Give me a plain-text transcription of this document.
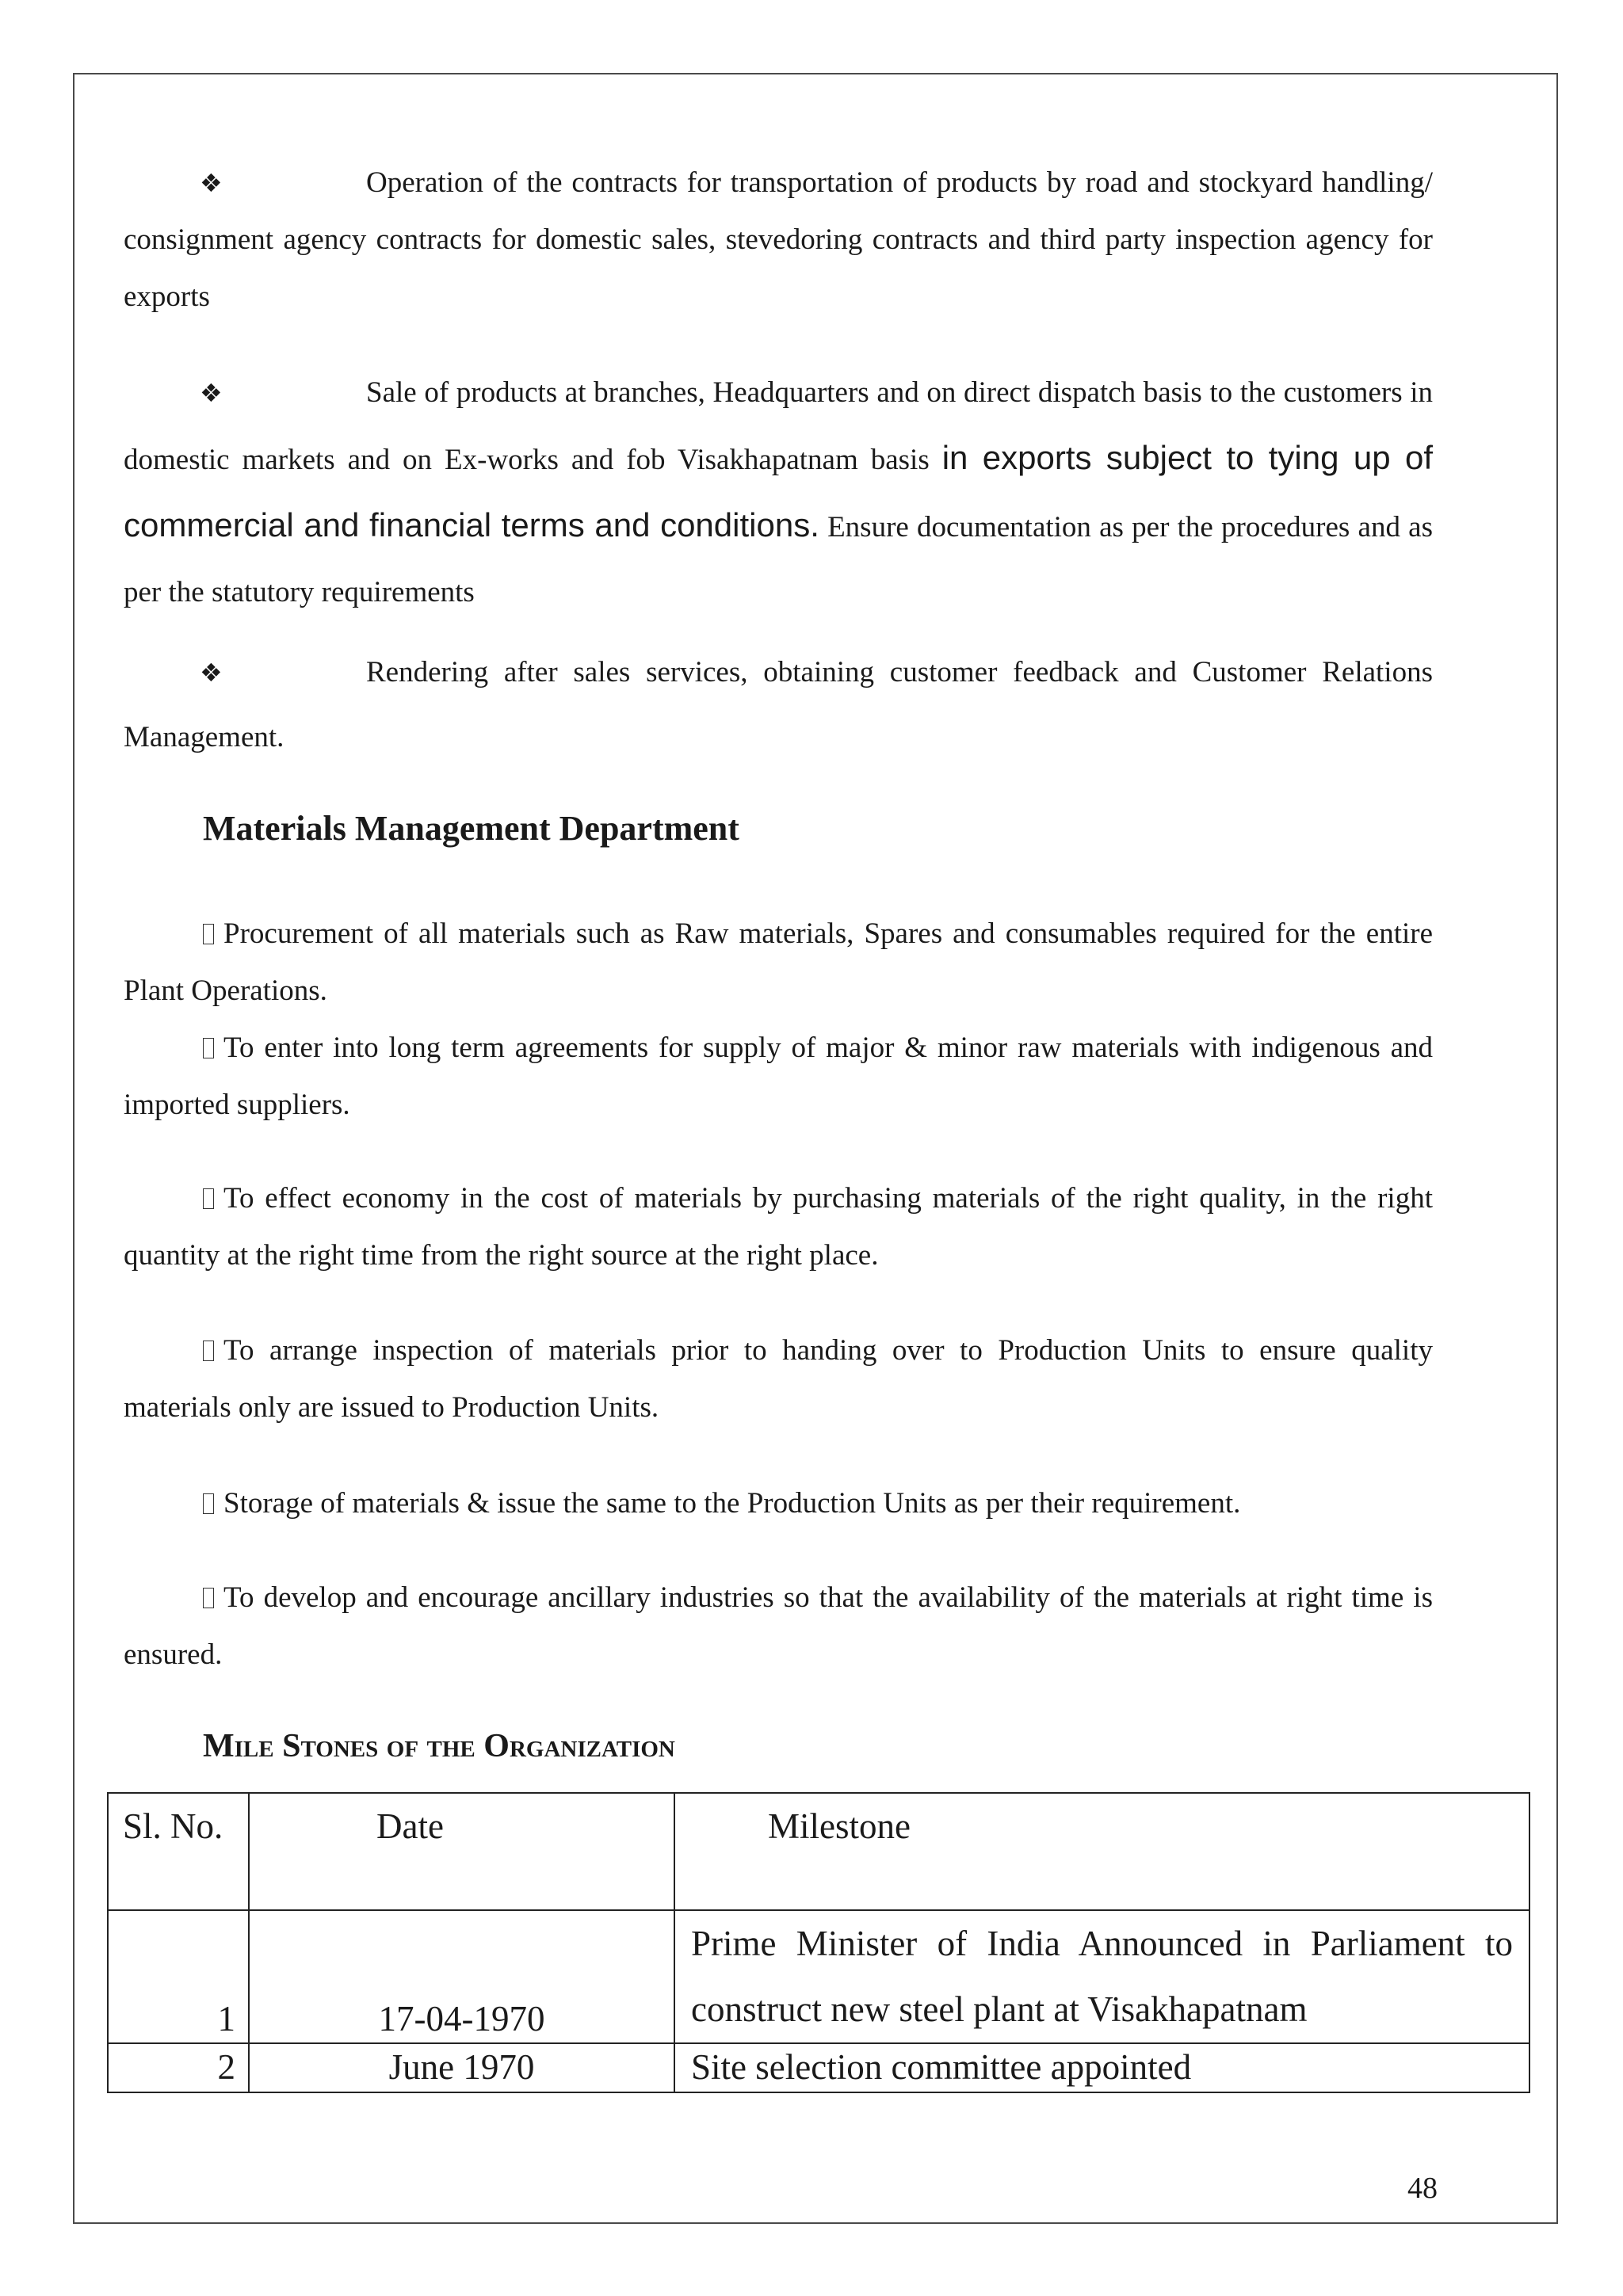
❖	Operation of the contracts for transportation of products by road and stockyard handling/ consignment agency contracts for domestic sales, stevedoring contracts and third party inspection agency for exports

❖	Sale of products at branches, Headquarters and on direct dispatch basis to the customers in domestic markets and on Ex-works and fob Visakhapatnam basis in exports subject to tying up of commercial and financial terms and conditions. Ensure documentation as per the procedures and as per the statutory requirements

❖	Rendering after sales services, obtaining customer feedback and Customer Relations Management.

Materials Management Department

Procurement of all materials such as Raw materials, Spares and consumables required for the entire Plant Operations.

To enter into long term agreements for supply of major & minor raw materials with indigenous and imported suppliers.

To effect economy in the cost of materials by purchasing materials of the right quality, in the right quantity at the right time from the right source at the right place.

To arrange inspection of materials prior to handing over to Production Units to ensure quality materials only are issued to Production Units.

Storage of materials & issue the same to the Production Units as per their requirement.

To develop and encourage ancillary industries so that the availability of the materials at right time is ensured.

Mile Stones of the Organization
Sl. No.	Date	Milestone
1	17-04-1970	Prime Minister of India Announced in Parliament to construct new steel plant at Visakhapatnam
2	June 1970	Site selection committee appointed
48
